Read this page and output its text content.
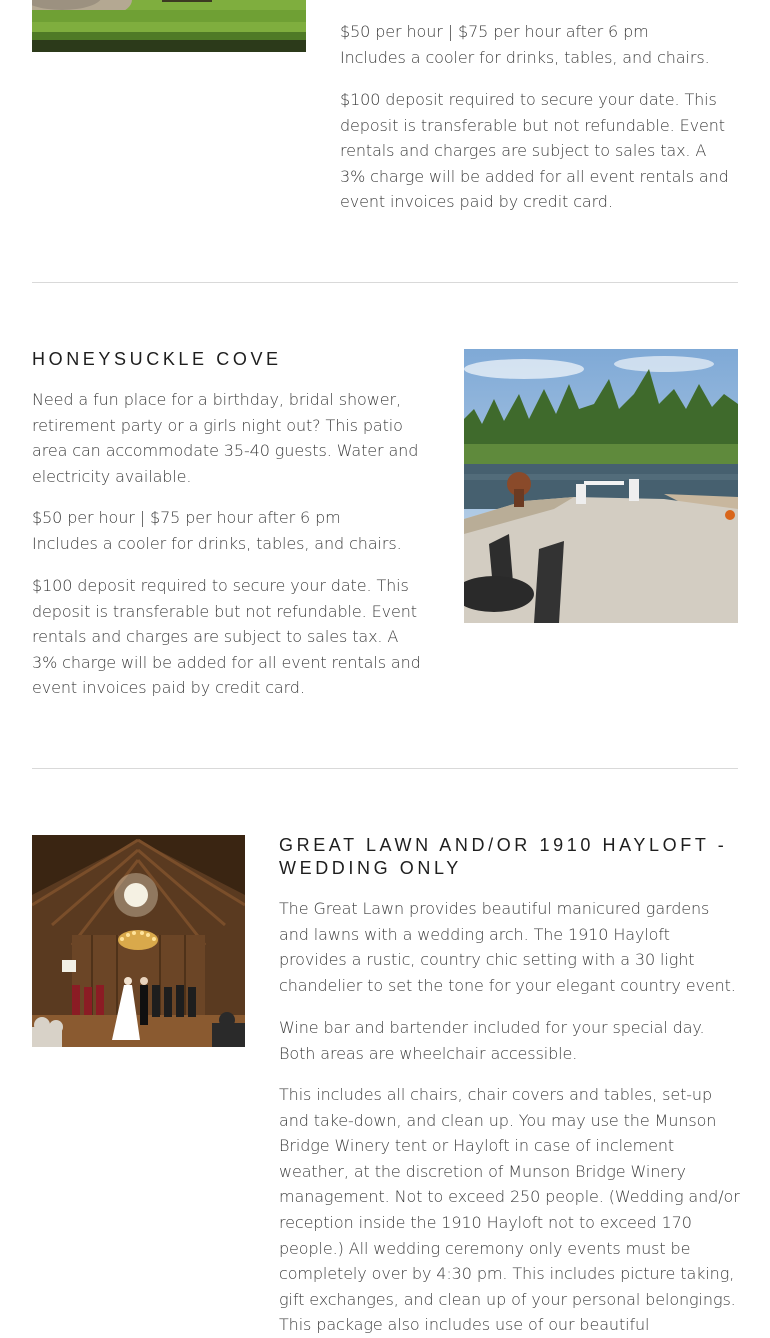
$50 per hour | $75 per hour after 6 pm

Includes a cooler for drinks, tables, and chairs.

$100 deposit required to secure your date. This deposit is transferable but not refundable. Event rentals and charges are subject to sales tax. A 3% charge will be added for all event rentals and event invoices paid by credit card.

HONEYSUCKLE COVE

Need a fun place for a birthday, bridal shower, retirement party or a girls night out? This patio area can accommodate 35-40 guests. Water and electricity available.

$50 per hour | $75 per hour after 6 pm

Includes a cooler for drinks, tables, and chairs.

$100 deposit required to secure your date. This deposit is transferable but not refundable. Event rentals and charges are subject to sales tax. A 3% charge will be added for all event rentals and event invoices paid by credit card.

GREAT LAWN AND/OR 1910 HAYLOFT - WEDDING ONLY

The Great Lawn provides beautiful manicured gardens and lawns with a wedding arch. The 1910 Hayloft provides a rustic, country chic setting with a 30 light chandelier to set the tone for your elegant country event.

Wine bar and bartender included for your special day. Both areas are wheelchair accessible.

This includes all chairs, chair covers and tables, set-up and take-down, and clean up. You may use the Munson Bridge Winery tent or Hayloft in case of inclement weather, at the discretion of Munson Bridge Winery management. Not to exceed 250 people. (Wedding and/or reception inside the 1910 Hayloft not to exceed 170 people.) All wedding ceremony only events must be completely over by 4:30 pm. This includes picture taking, gift exchanges, and clean up of your personal belongings. This package also includes use of our beautiful
